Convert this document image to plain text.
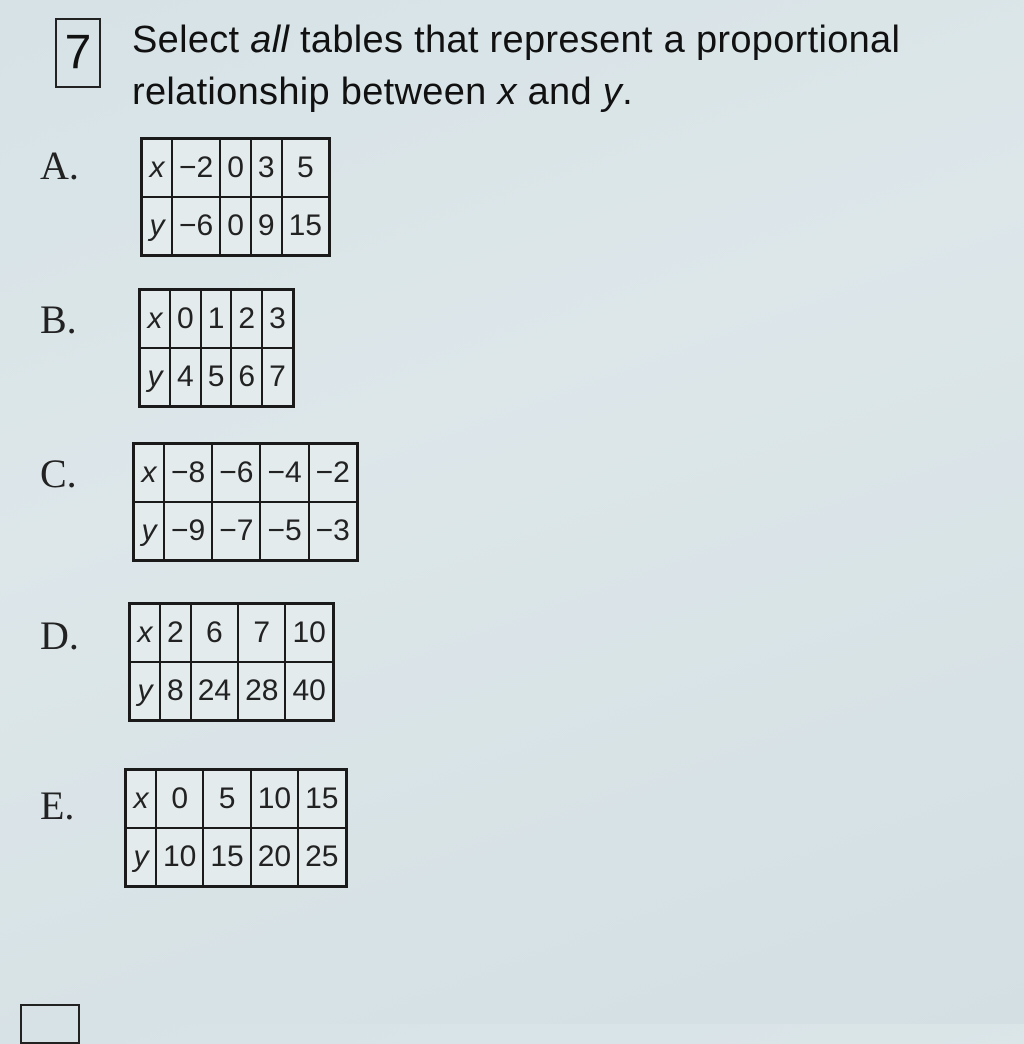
7 Select all tables that represent a proportional
relationship between x and y.
A. x	−2	0	3	5
y	−6	0	9	15
B. x	0	1	2	3
y	4	5	6	7
C. x	−8	−6	−4	−2
y	−9	−7	−5	−3
D. x	2	6	7	10
y	8	24	28	40
E. x	0	5	10	15
y	10	15	20	25
